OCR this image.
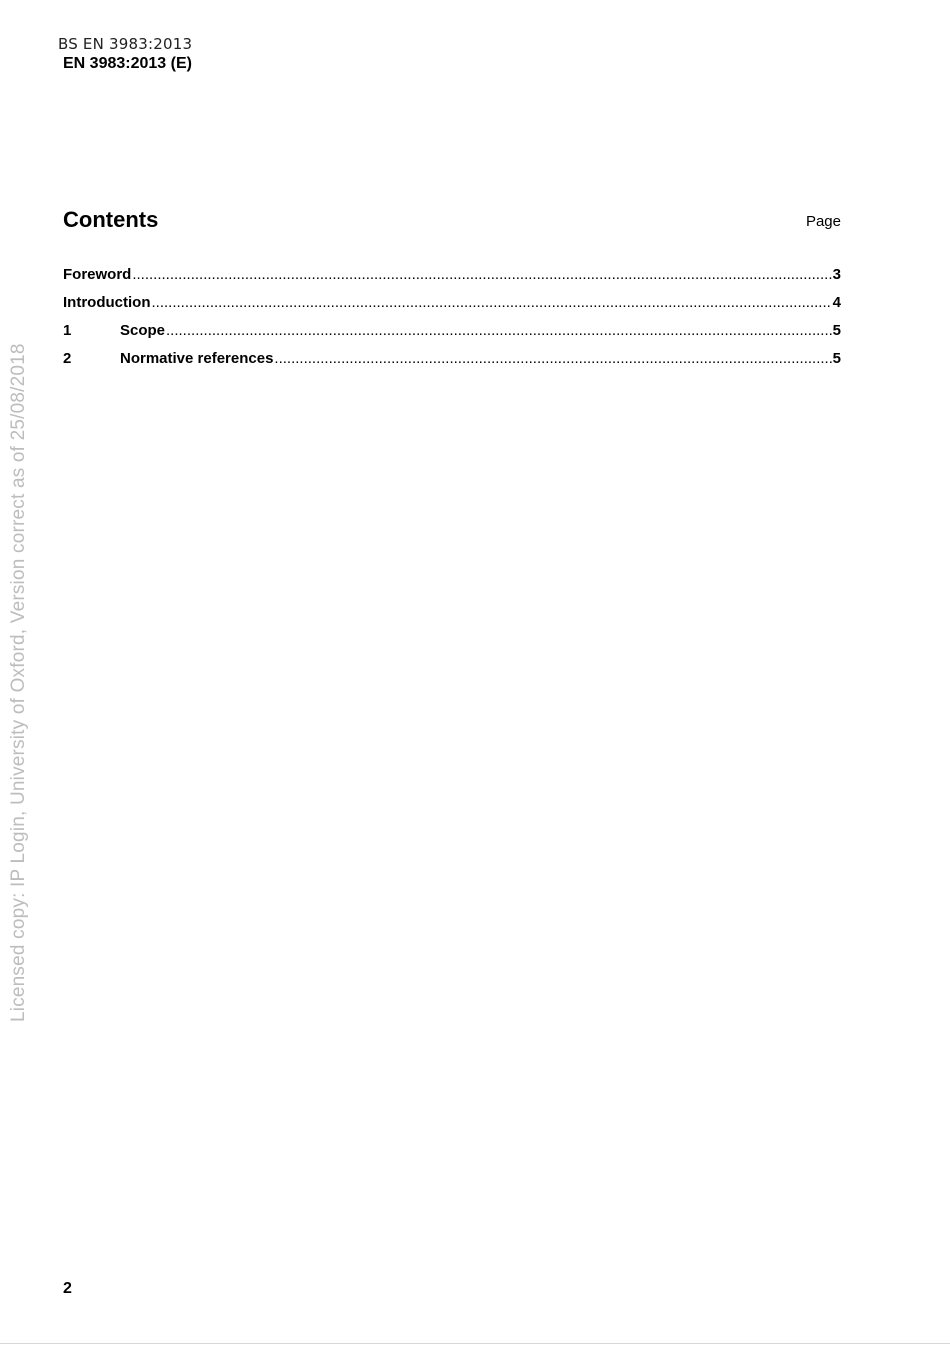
BS EN 3983:2013
EN 3983:2013 (E)
Contents	Page
Foreword .....	3
Introduction .....	4
1	Scope .....	5
2	Normative references .....	5
Licensed copy: IP Login, University of Oxford, Version correct as of 25/08/2018
2
